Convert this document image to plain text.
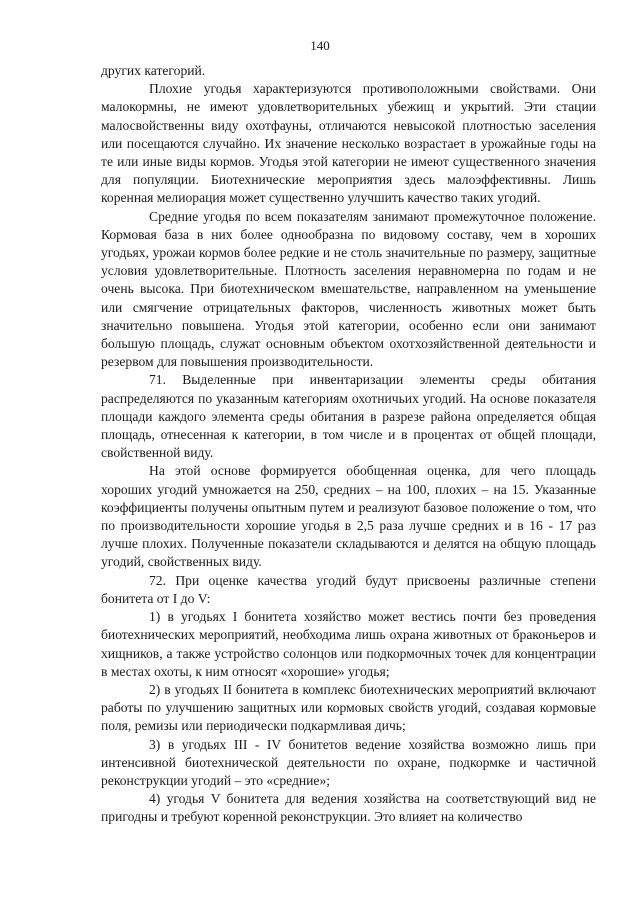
140

других категорий.

Плохие угодья характеризуются противоположными свойствами. Они малокормны, не имеют удовлетворительных убежищ и укрытий. Эти стации малосвойственны виду охотфауны, отличаются невысокой плотностью заселения или посещаются случайно. Их значение несколько возрастает в урожайные годы на те или иные виды кормов. Угодья этой категории не имеют существенного значения для популяции. Биотехнические мероприятия здесь малоэффективны. Лишь коренная мелиорация может существенно улучшить качество таких угодий.

Средние угодья по всем показателям занимают промежуточное положение. Кормовая база в них более однообразна по видовому составу, чем в хороших угодьях, урожаи кормов более редкие и не столь значительные по размеру, защитные условия удовлетворительные. Плотность заселения неравномерна по годам и не очень высока. При биотехническом вмешательстве, направленном на уменьшение или смягчение отрицательных факторов, численность животных может быть значительно повышена. Угодья этой категории, особенно если они занимают большую площадь, служат основным объектом охотхозяйственной деятельности и резервом для повышения производительности.

71. Выделенные при инвентаризации элементы среды обитания распределяются по указанным категориям охотничьих угодий. На основе показателя площади каждого элемента среды обитания в разрезе района определяется общая площадь, отнесенная к категории, в том числе и в процентах от общей площади, свойственной виду.

На этой основе формируется обобщенная оценка, для чего площадь хороших угодий умножается на 250, средних – на 100, плохих – на 15. Указанные коэффициенты получены опытным путем и реализуют базовое положение о том, что по производительности хорошие угодья в 2,5 раза лучше средних и в 16 - 17 раз лучше плохих. Полученные показатели складываются и делятся на общую площадь угодий, свойственных виду.

72. При оценке качества угодий будут присвоены различные степени бонитета от I до V:

1) в угодьях I бонитета хозяйство может вестись почти без проведения биотехнических мероприятий, необходима лишь охрана животных от браконьеров и хищников, а также устройство солонцов или подкормочных точек для концентрации в местах охоты, к ним относят «хорошие» угодья;

2) в угодьях II бонитета в комплекс биотехнических мероприятий включают работы по улучшению защитных или кормовых свойств угодий, создавая кормовые поля, ремизы или периодически подкармливая дичь;

3) в угодьях III - IV бонитетов ведение хозяйства возможно лишь при интенсивной биотехнической деятельности по охране, подкормке и частичной реконструкции угодий – это «средние»;

4) угодья V бонитета для ведения хозяйства на соответствующий вид не пригодны и требуют коренной реконструкции. Это влияет на количество
